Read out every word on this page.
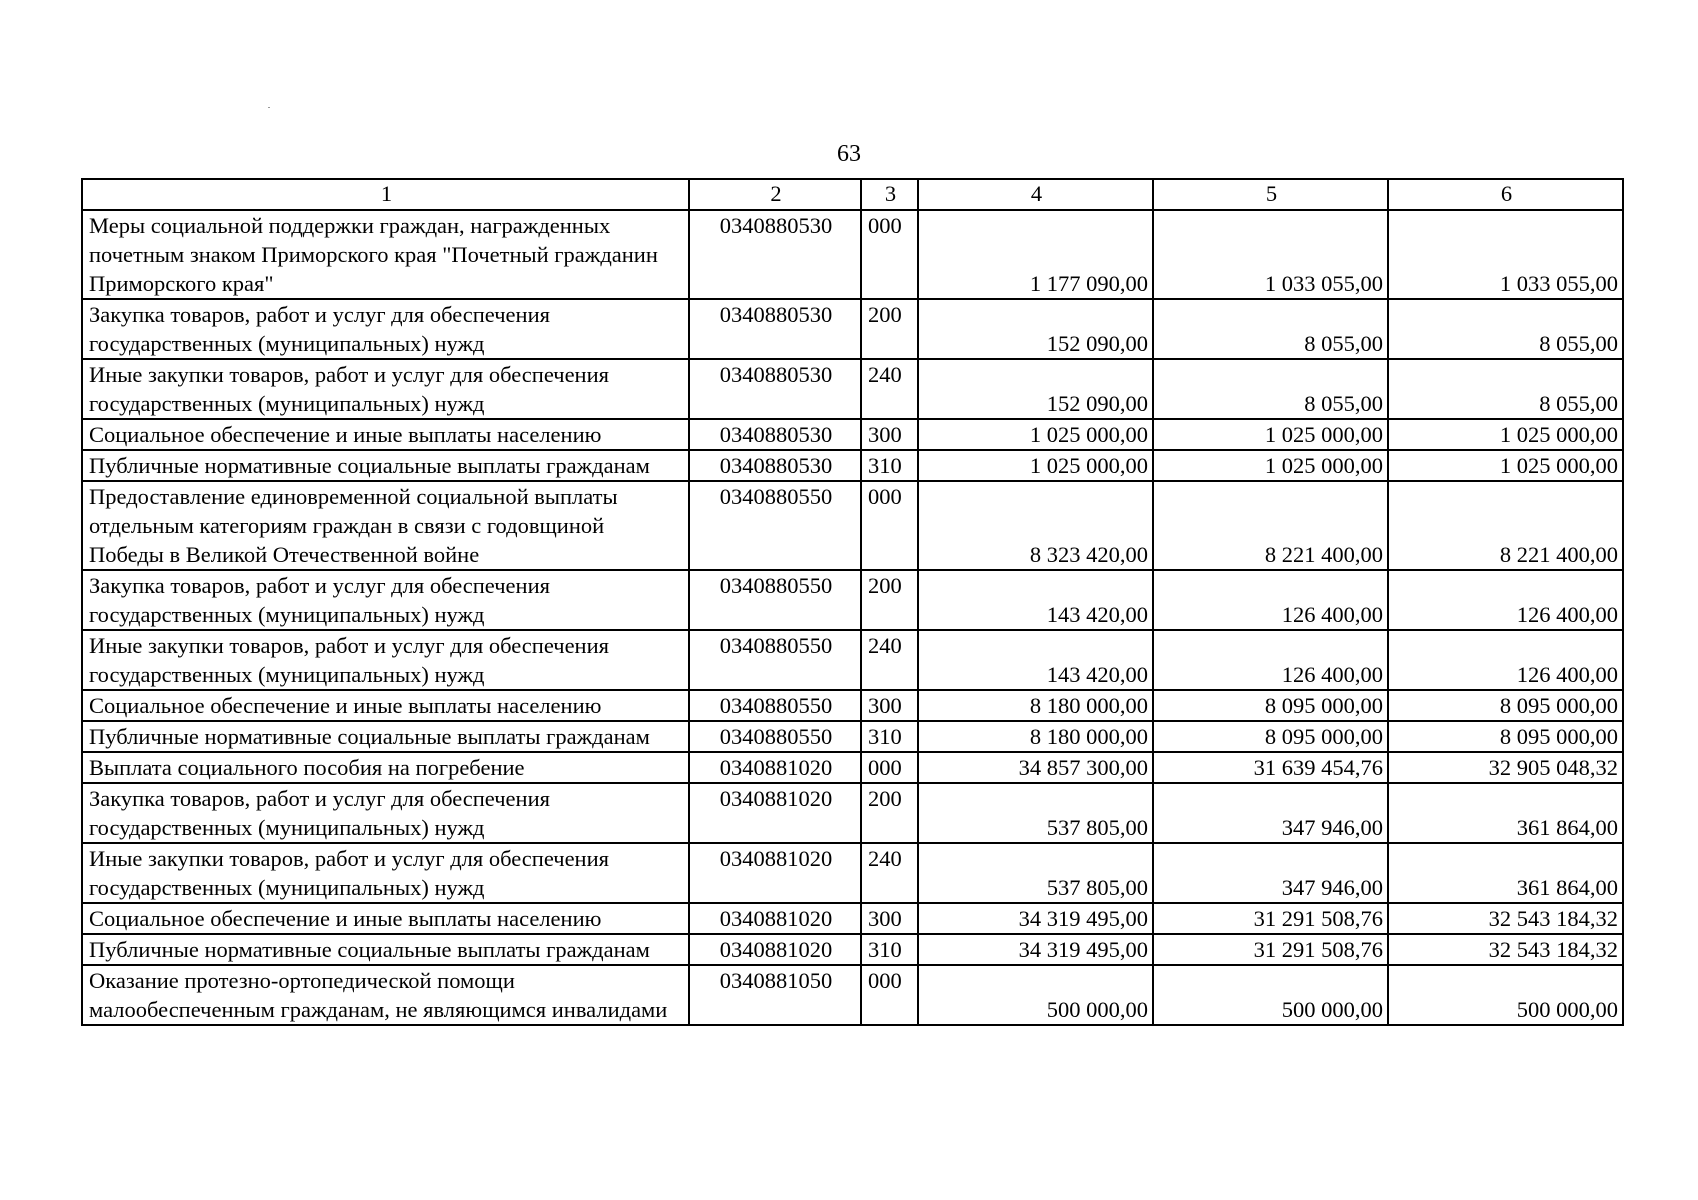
63
1	2	3	4	5	6
Меры социальной поддержки граждан, награжденных почетным знаком Приморского края "Почетный гражданин Приморского края"	0340880530	000	1 177 090,00	1 033 055,00	1 033 055,00
Закупка товаров, работ и услуг для обеспечения государственных (муниципальных) нужд	0340880530	200	152 090,00	8 055,00	8 055,00
Иные закупки товаров, работ и услуг для обеспечения государственных (муниципальных) нужд	0340880530	240	152 090,00	8 055,00	8 055,00
Социальное обеспечение и иные выплаты населению	0340880530	300	1 025 000,00	1 025 000,00	1 025 000,00
Публичные нормативные социальные выплаты гражданам	0340880530	310	1 025 000,00	1 025 000,00	1 025 000,00
Предоставление единовременной социальной выплаты отдельным категориям граждан в связи с годовщиной Победы в Великой Отечественной войне	0340880550	000	8 323 420,00	8 221 400,00	8 221 400,00
Закупка товаров, работ и услуг для обеспечения государственных (муниципальных) нужд	0340880550	200	143 420,00	126 400,00	126 400,00
Иные закупки товаров, работ и услуг для обеспечения государственных (муниципальных) нужд	0340880550	240	143 420,00	126 400,00	126 400,00
Социальное обеспечение и иные выплаты населению	0340880550	300	8 180 000,00	8 095 000,00	8 095 000,00
Публичные нормативные социальные выплаты гражданам	0340880550	310	8 180 000,00	8 095 000,00	8 095 000,00
Выплата социального пособия на погребение	0340881020	000	34 857 300,00	31 639 454,76	32 905 048,32
Закупка товаров, работ и услуг для обеспечения государственных (муниципальных) нужд	0340881020	200	537 805,00	347 946,00	361 864,00
Иные закупки товаров, работ и услуг для обеспечения государственных (муниципальных) нужд	0340881020	240	537 805,00	347 946,00	361 864,00
Социальное обеспечение и иные выплаты населению	0340881020	300	34 319 495,00	31 291 508,76	32 543 184,32
Публичные нормативные социальные выплаты гражданам	0340881020	310	34 319 495,00	31 291 508,76	32 543 184,32
Оказание протезно-ортопедической помощи малообеспеченным гражданам, не являющимся инвалидами	0340881050	000	500 000,00	500 000,00	500 000,00
